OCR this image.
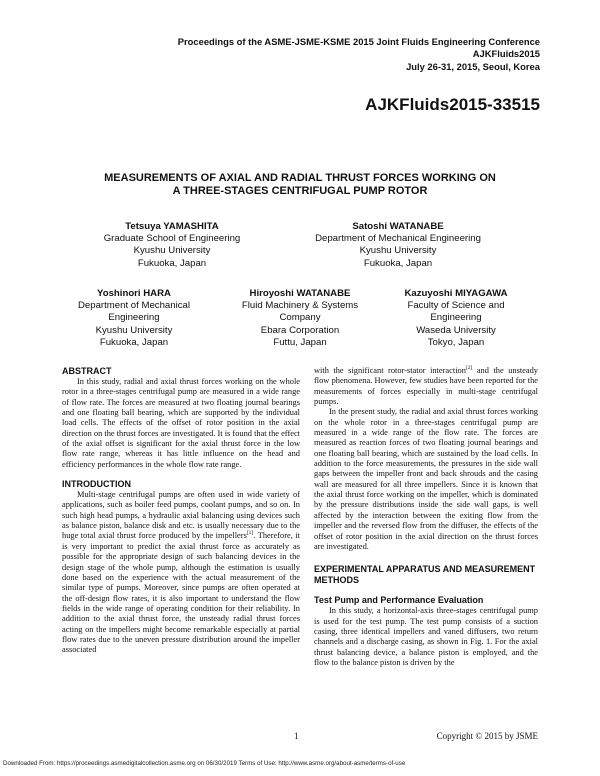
Proceedings of the ASME-JSME-KSME 2015 Joint Fluids Engineering Conference
AJKFluids2015
July 26-31, 2015, Seoul, Korea
AJKFluids2015-33515
MEASUREMENTS OF AXIAL AND RADIAL THRUST FORCES WORKING ON
A THREE-STAGES CENTRIFUGAL PUMP ROTOR
Tetsuya YAMASHITA
Graduate School of Engineering
Kyushu University
Fukuoka, Japan
Satoshi WATANABE
Department of Mechanical Engineering
Kyushu University
Fukuoka, Japan
Yoshinori HARA
Department of Mechanical
Engineering
Kyushu University
Fukuoka, Japan
Hiroyoshi WATANABE
Fluid Machinery & Systems
Company
Ebara Corporation
Futtu, Japan
Kazuyoshi MIYAGAWA
Faculty of Science and
Engineering
Waseda University
Tokyo, Japan
ABSTRACT

In this study, radial and axial thrust forces working on the whole rotor in a three-stages centrifugal pump are measured in a wide range of flow rate. The forces are measured at two floating journal bearings and one floating ball bearing, which are supported by the individual load cells. The effects of the offset of rotor position in the axial direction on the thrust forces are investigated. It is found that the effect of the axial offset is significant for the axial thrust force in the low flow rate range, whereas it has little influence on the head and efficiency performances in the whole flow rate range.

INTRODUCTION

Multi-stage centrifugal pumps are often used in wide variety of applications, such as boiler feed pumps, coolant pumps, and so on. In such high head pumps, a hydraulic axial balancing using devices such as balance piston, balance disk and etc. is usually necessary due to the huge total axial thrust force produced by the impellers[1]. Therefore, it is very important to predict the axial thrust force as accurately as possible for the appropriate design of such balancing devices in the design stage of the whole pump, although the estimation is usually done based on the experience with the actual measurement of the similar type of pumps. Moreover, since pumps are often operated at the off-design flow rates, it is also important to understand the flow fields in the wide range of operating condition for their reliability. In addition to the axial thrust force, the unsteady radial thrust forces acting on the impellers might become remarkable especially at partial flow rates due to the uneven pressure distribution around the impeller associated

with the significant rotor-stator interaction[2] and the unsteady flow phenomena. However, few studies have been reported for the measurements of forces especially in multi-stage centrifugal pumps.

In the present study, the radial and axial thrust forces working on the whole rotor in a three-stages centrifugal pump are measured in a wide range of the flow rate. The forces are measured as reaction forces of two floating journal bearings and one floating ball bearing, which are sustained by the load cells. In addition to the force measurements, the pressures in the side wall gaps between the impeller front and back shrouds and the casing wall are measured for all three impellers. Since it is known that the axial thrust force working on the impeller, which is dominated by the pressure distributions inside the side wall gaps, is well affected by the interaction between the exiting flow from the impeller and the reversed flow from the diffuser, the effects of the offset of rotor position in the axial direction on the thrust forces are investigated.

EXPERIMENTAL APPARATUS AND MEASUREMENT
METHODS
Test Pump and Performance Evaluation

In this study, a horizontal-axis three-stages centrifugal pump is used for the test pump. The test pump consists of a suction casing, three identical impellers and vaned diffusers, two return channels and a discharge casing, as shown in Fig. 1. For the axial thrust balancing device, a balance piston is employed, and the flow to the balance piston is driven by the

1	Copyright © 2015 by JSME
Downloaded From: https://proceedings.asmedigitalcollection.asme.org on 06/30/2019 Terms of Use: http://www.asme.org/about-asme/terms-of-use
